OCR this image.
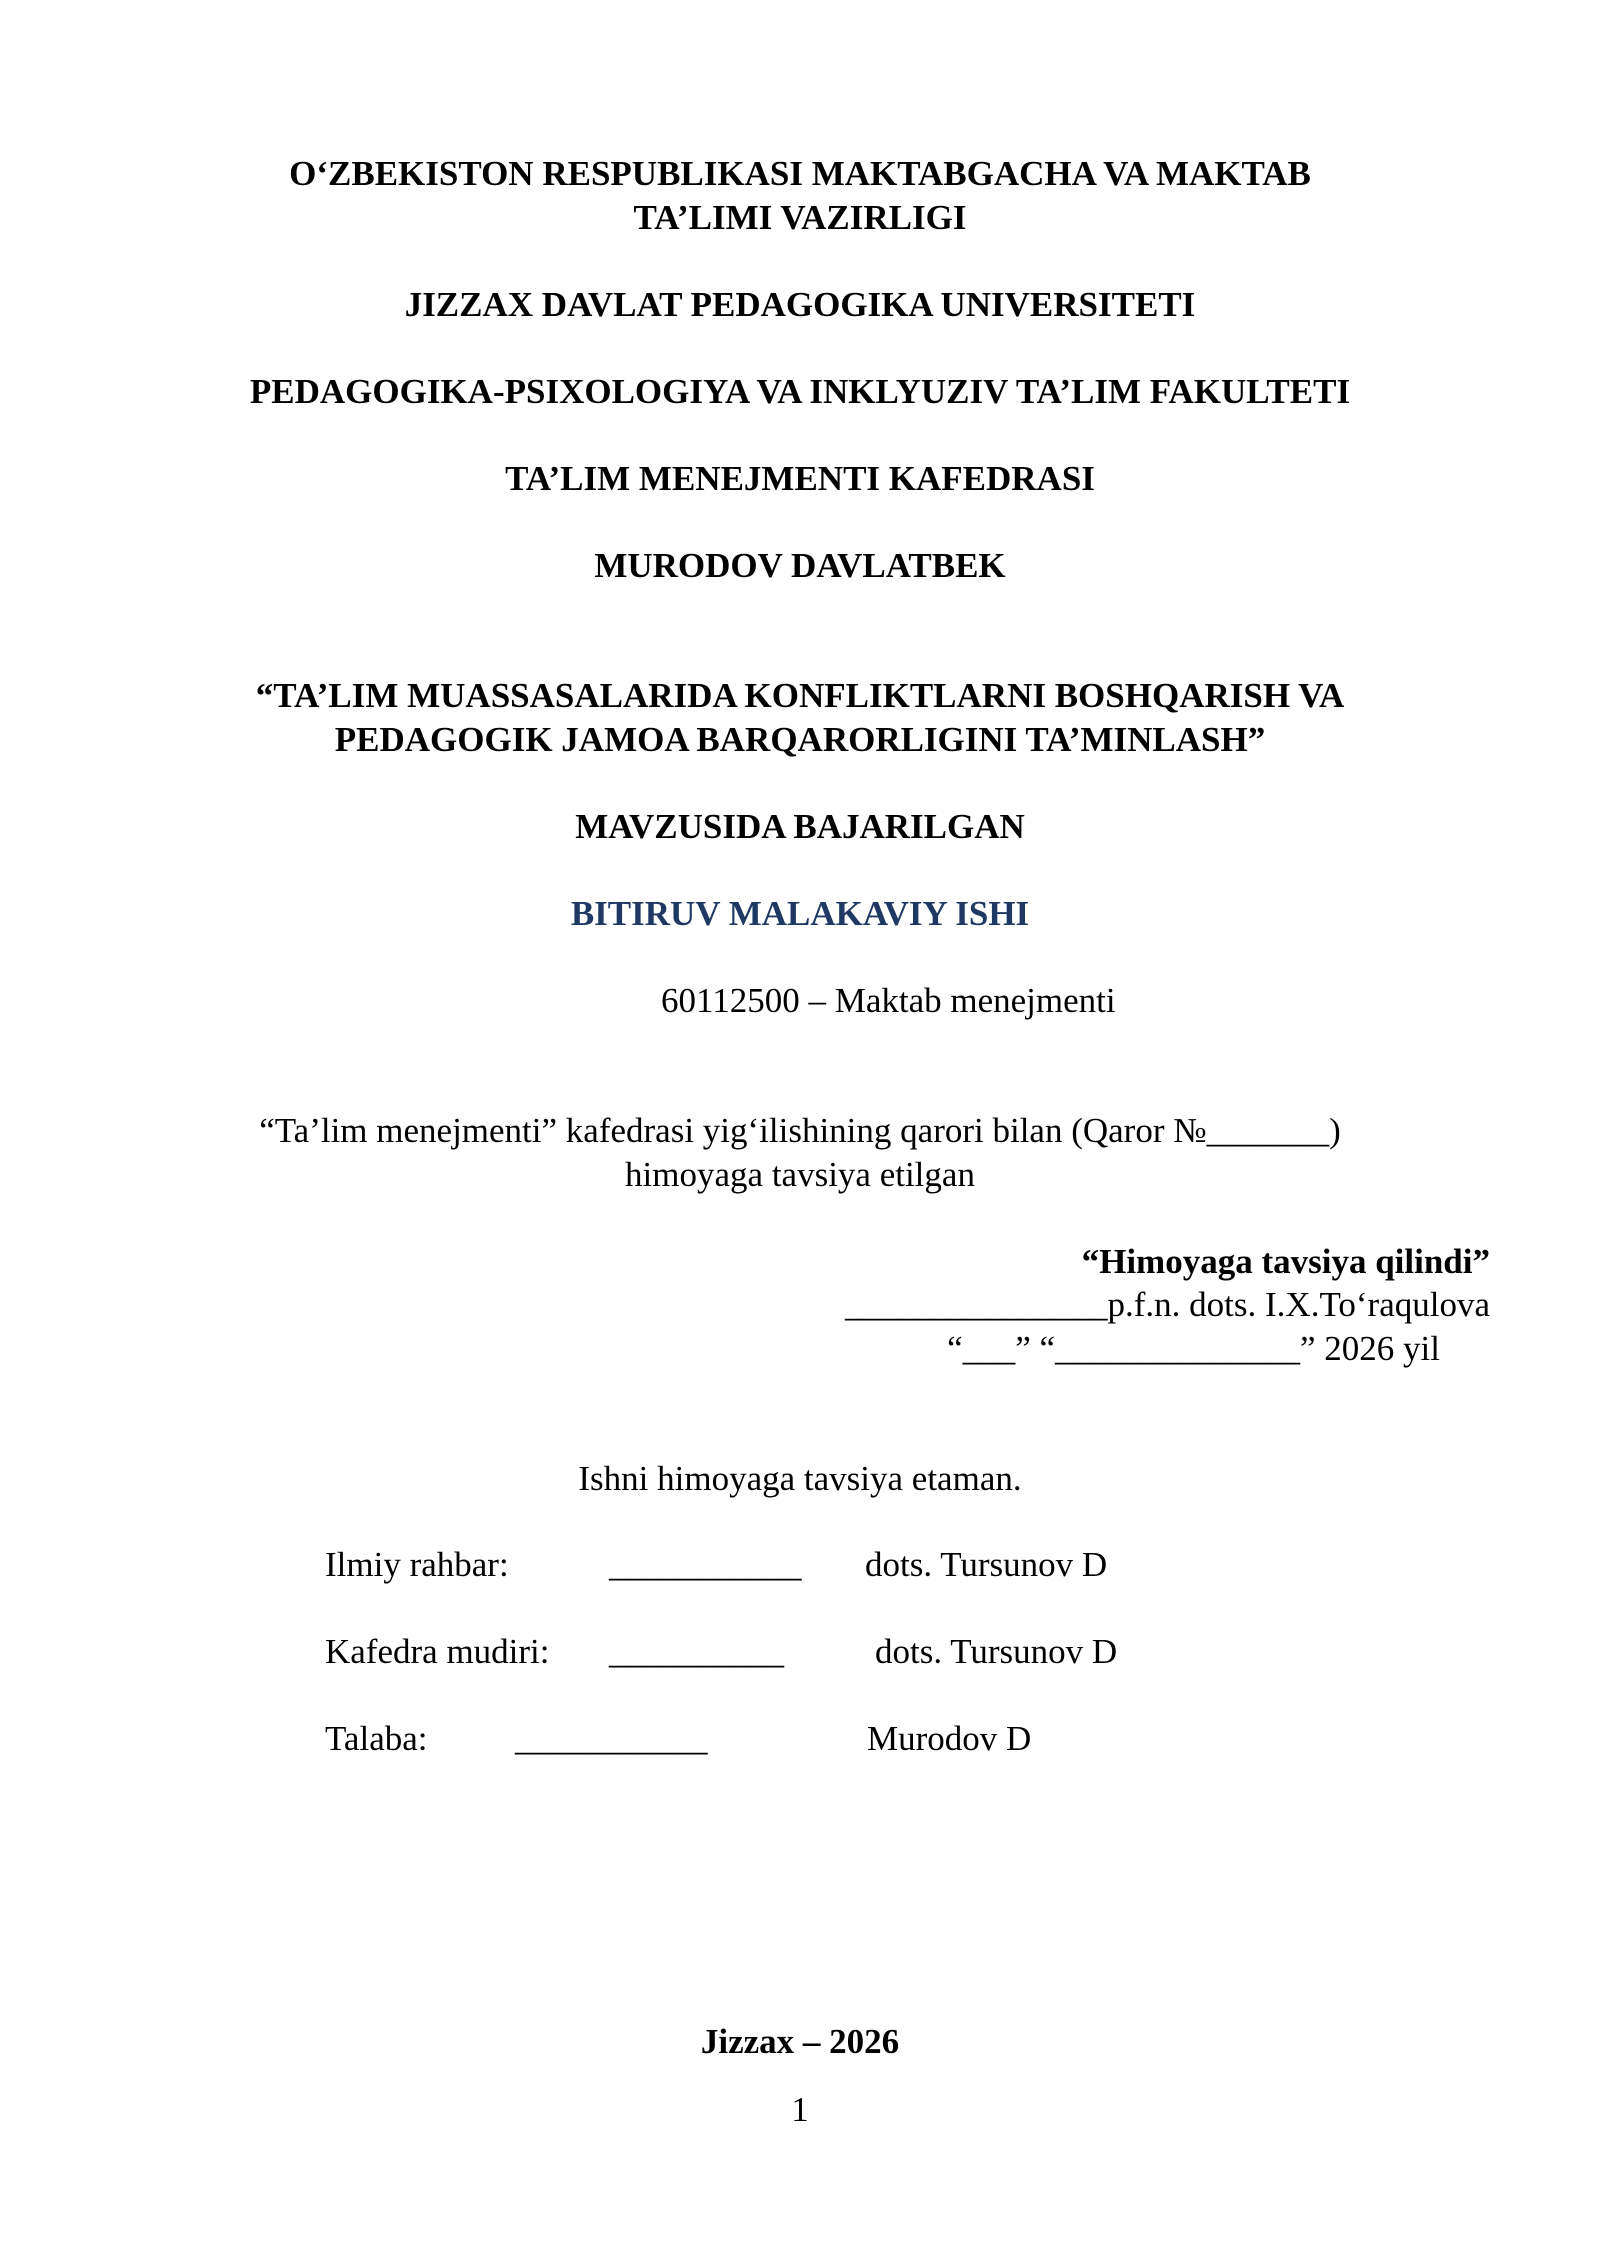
O‘ZBEKISTON RESPUBLIKASI MAKTABGACHA VA MAKTAB
TA’LIMI VAZIRLIGI
JIZZAX DAVLAT PEDAGOGIKA UNIVERSITETI
PEDAGOGIKA-PSIXOLOGIYA VA INKLYUZIV TA’LIM FAKULTETI
TA’LIM MENEJMENTI KAFEDRASI
MURODOV DAVLATBEK
“TA’LIM MUASSASALARIDA KONFLIKTLARNI BOSHQARISH VA
PEDAGOGIK JAMOA BARQARORLIGINI TA’MINLASH”
MAVZUSIDA BAJARILGAN
BITIRUV MALAKAVIY ISHI
60112500 – Maktab menejmenti
“Ta’lim menejmenti” kafedrasi yig‘ilishining qarori bilan (Qaror №_______)
himoyaga tavsiya etilgan
“Himoyaga tavsiya qilindi”
_______________p.f.n. dots. I.X.To‘raqulova
“___” “______________” 2026 yil
Ishni himoyaga tavsiya etaman.
Ilmiy rahbar:	___________ dots. Tursunov D
Kafedra mudiri: __________	dots. Tursunov D
Talaba:	___________	Murodov D
Jizzax – 2026
1
